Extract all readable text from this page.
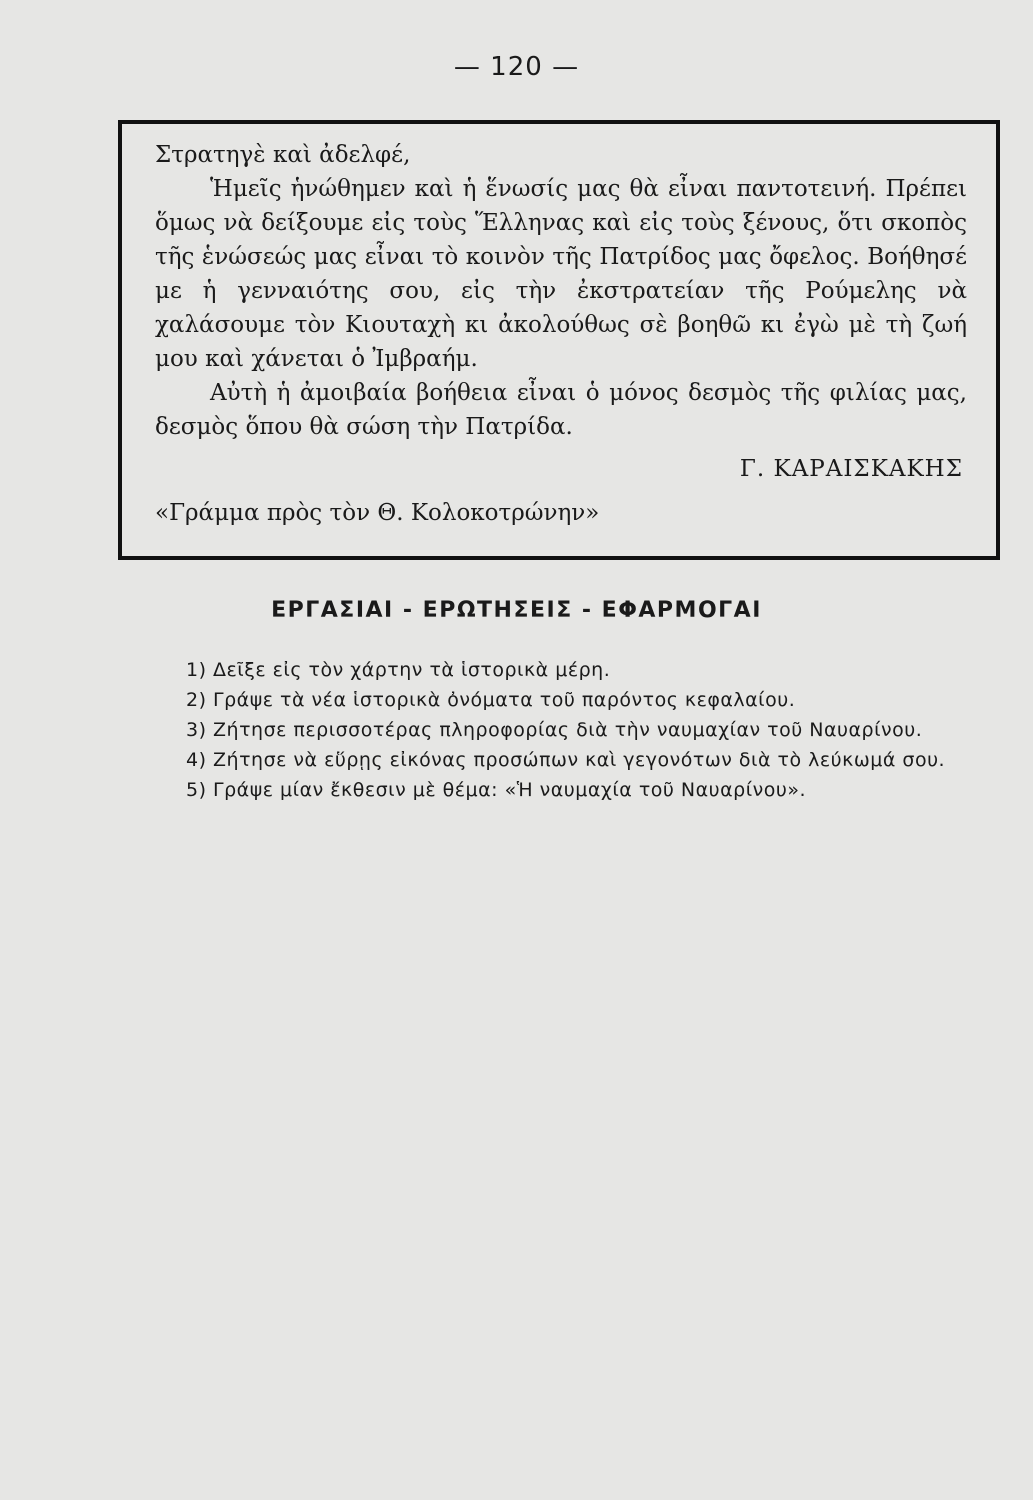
— 120 —

Στρατηγὲ καὶ ἀδελφέ,

Ἡμεῖς ἡνώθημεν καὶ ἡ ἕνωσίς μας θὰ εἶναι παντοτεινή. Πρέπει ὅμως νὰ δείξουμε εἰς τοὺς Ἕλληνας καὶ εἰς τοὺς ξένους, ὅτι σκοπὸς τῆς ἑνώσεώς μας εἶναι τὸ κοινὸν τῆς Πατρίδος μας ὄφελος. Βοήθησέ με ἡ γενναιότης σου, εἰς τὴν ἐκστρατείαν τῆς Ρούμελης νὰ χαλάσουμε τὸν Κιουταχὴ κι ἀκολούθως σὲ βοηθῶ κι ἐγὼ μὲ τὴ ζωή μου καὶ χάνεται ὁ Ἰμβραήμ.

Αὐτὴ ἡ ἀμοιβαία βοήθεια εἶναι ὁ μόνος δεσμὸς τῆς φιλίας μας, δεσμὸς ὅπου θὰ σώση τὴν Πατρίδα.

Γ. ΚΑΡΑΙΣΚΑΚΗΣ
«Γράμμα πρὸς τὸν Θ. Κολοκοτρώνην»
ΕΡΓΑΣΙΑΙ - ΕΡΩΤΗΣΕΙΣ - ΕΦΑΡΜΟΓΑΙ
1) Δεῖξε εἰς τὸν χάρτην τὰ ἱστορικὰ μέρη.
2) Γράψε τὰ νέα ἱστορικὰ ὀνόματα τοῦ παρόντος κεφαλαίου.
3) Ζήτησε περισσοτέρας πληροφορίας διὰ τὴν ναυμαχίαν τοῦ Ναυαρίνου.
4) Ζήτησε νὰ εὕρῃς εἰκόνας προσώπων καὶ γεγονότων διὰ τὸ λεύκωμά σου.
5) Γράψε μίαν ἔκθεσιν μὲ θέμα: «Ἡ ναυμαχία τοῦ Ναυαρίνου».
